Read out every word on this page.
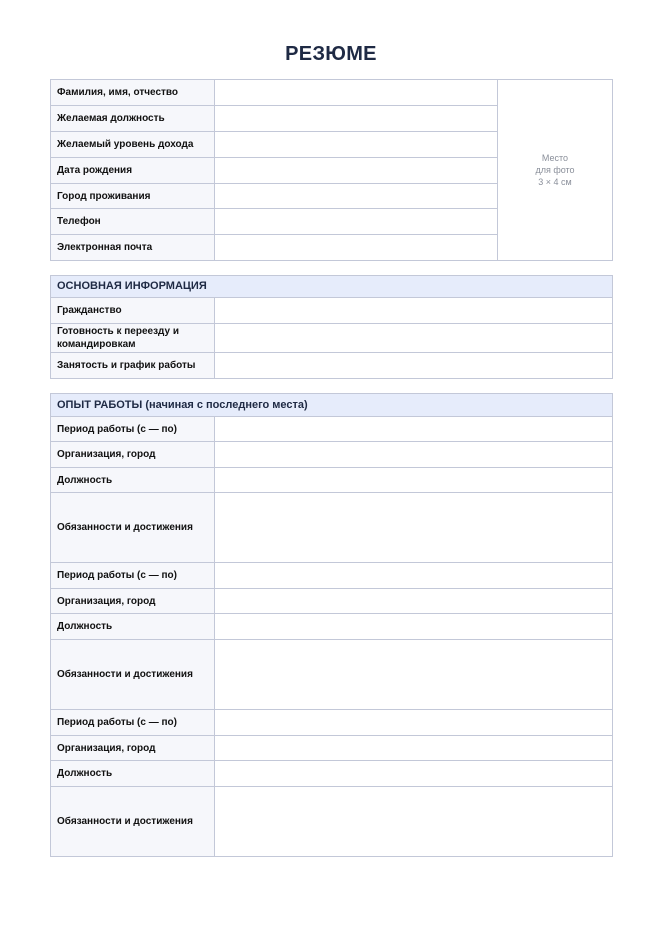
РЕЗЮМЕ
Фамилия, имя, отчество		Место
для фото
3 × 4 см

Желаемая должность		
Желаемый уровень дохода		
Дата рождения		
Город проживания		
Телефон		
Электронная почта		
ОСНОВНАЯ ИНФОРМАЦИЯ	
Гражданство	
Готовность к переезду и командировкам	
Занятость и график работы	
ОПЫТ РАБОТЫ (начиная с последнего места)	
Период работы (с — по)	
Организация, город	
Должность	
Обязанности и достижения	
Период работы (с — по)	
Организация, город	
Должность	
Обязанности и достижения	
Период работы (с — по)	
Организация, город	
Должность	
Обязанности и достижения	
